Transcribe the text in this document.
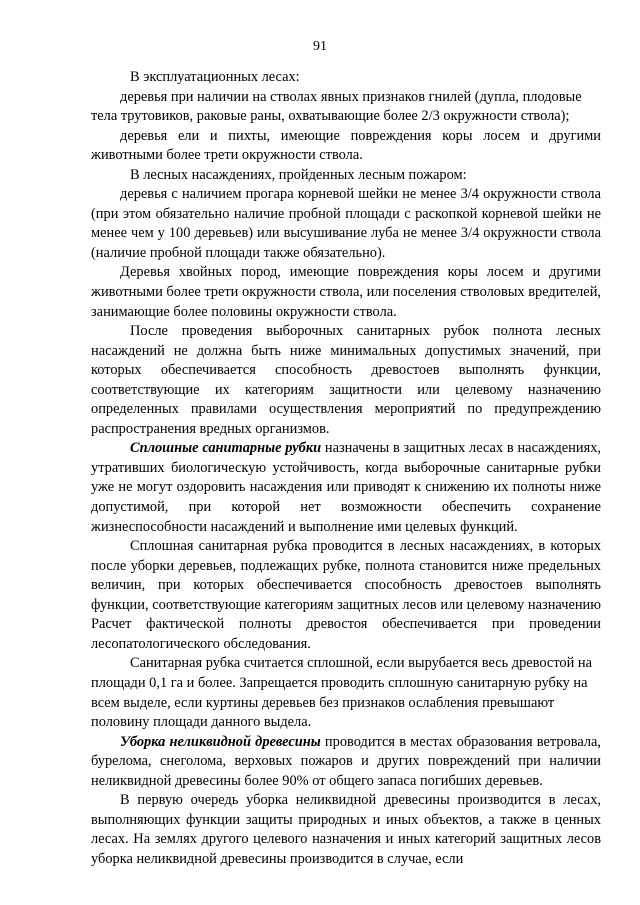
91

В эксплуатационных лесах:

деревья при наличии на стволах явных признаков гнилей (дупла, плодовые тела трутовиков, раковые раны, охватывающие более 2/3 окружности ствола);

деревья ели и пихты, имеющие повреждения коры лосем и другими животными более трети окружности ствола.

В лесных насаждениях, пройденных лесным пожаром:

деревья с наличием прогара корневой шейки не менее 3/4 окружности ствола (при этом обязательно наличие пробной площади с раскопкой корневой шейки не менее чем у 100 деревьев) или высушивание луба не менее 3/4 окружности ствола (наличие пробной площади также обязательно).

Деревья хвойных пород, имеющие повреждения коры лосем и другими животными более трети окружности ствола, или поселения стволовых вредителей, занимающие более половины окружности ствола.

После проведения выборочных санитарных рубок полнота лесных насаждений не должна быть ниже минимальных допустимых значений, при которых обеспечивается способность древостоев выполнять функции, соответствующие их категориям защитности или целевому назначению определенных правилами осуществления мероприятий по предупреждению распространения вредных организмов.

Сплошные санитарные рубки назначены в защитных лесах в насаждениях, утративших биологическую устойчивость, когда выборочные санитарные рубки уже не могут оздоровить насаждения или приводят к снижению их полноты ниже допустимой, при которой нет возможности обеспечить сохранение жизнеспособности насаждений и выполнение ими целевых функций.

Сплошная санитарная рубка проводится в лесных насаждениях, в которых после уборки деревьев, подлежащих рубке, полнота становится ниже предельных величин, при которых обеспечивается способность древостоев выполнять функции, соответствующие категориям защитных лесов или целевому назначению Расчет фактической полноты древостоя обеспечивается при проведении лесопатологического обследования.

Санитарная рубка считается сплошной, если вырубается весь древостой на площади 0,1 га и более. Запрещается проводить сплошную санитарную рубку на всем выделе, если куртины деревьев без признаков ослабления превышают половину площади данного выдела.

Уборка неликвидной древесины проводится в местах образования ветровала, бурелома, снеголома, верховых пожаров и других повреждений при наличии неликвидной древесины более 90% от общего запаса погибших деревьев.

В первую очередь уборка неликвидной древесины производится в лесах, выполняющих функции защиты природных и иных объектов, а также в ценных лесах. На землях другого целевого назначения и иных категорий защитных лесов уборка неликвидной древесины производится в случае, если
